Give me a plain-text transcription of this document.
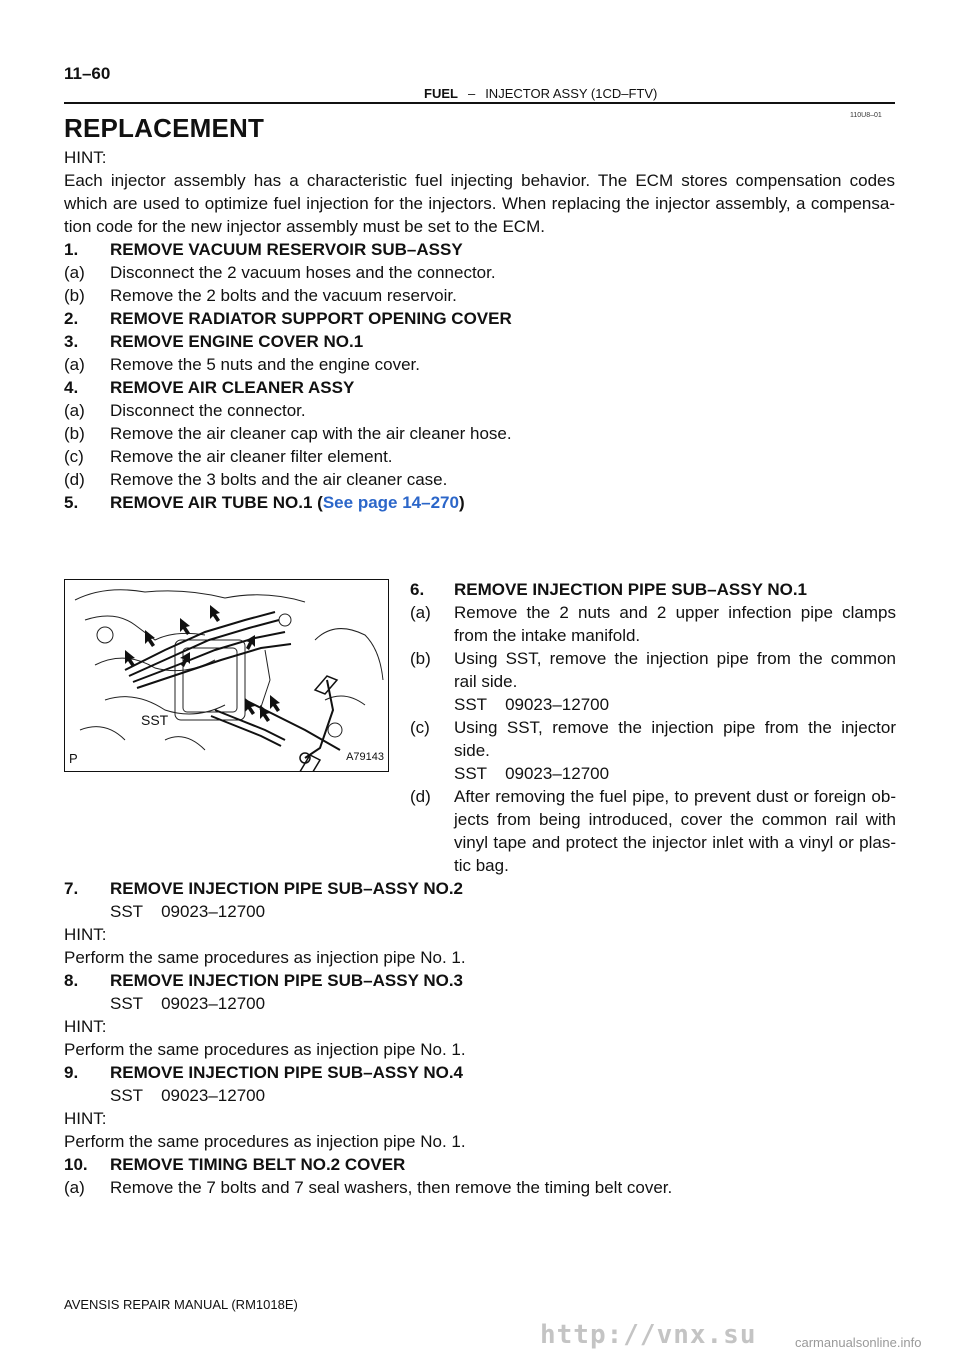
11–60
FUEL – INJECTOR ASSY (1CD–FTV)
110U8–01
REPLACEMENT
HINT:
Each injector assembly has a characteristic fuel injecting behavior. The ECM stores compensation codes
which are used to optimize fuel injection for the injectors. When replacing the injector assembly, a compensa-
tion code for the new injector assembly must be set to the ECM.
1. REMOVE VACUUM RESERVOIR SUB–ASSY
(a) Disconnect the 2 vacuum hoses and the connector.
(b) Remove the 2 bolts and the vacuum reservoir.
2. REMOVE RADIATOR SUPPORT OPENING COVER
3. REMOVE ENGINE COVER NO.1
(a) Remove the 5 nuts and the engine cover.
4. REMOVE AIR CLEANER ASSY
(a) Disconnect the connector.
(b) Remove the air cleaner cap with the air cleaner hose.
(c) Remove the air cleaner filter element.
(d) Remove the 3 bolts and the air cleaner case.
5. REMOVE AIR TUBE NO.1 (See page 14–270)
SST
P	A79143
6. REMOVE INJECTION PIPE SUB–ASSY NO.1
(a) Remove the 2 nuts and 2 upper infection pipe clamps
from the intake manifold.
(b) Using SST, remove the injection pipe from the common
rail side.
SST 09023–12700
(c) Using SST, remove the injection pipe from the injector
side.
SST 09023–12700
(d) After removing the fuel pipe, to prevent dust or foreign ob-
jects from being introduced, cover the common rail with
vinyl tape and protect the injector inlet with a vinyl or plas-
tic bag.
7. REMOVE INJECTION PIPE SUB–ASSY NO.2
SST 09023–12700
HINT:
Perform the same procedures as injection pipe No. 1.
8. REMOVE INJECTION PIPE SUB–ASSY NO.3
SST 09023–12700
HINT:
Perform the same procedures as injection pipe No. 1.
9. REMOVE INJECTION PIPE SUB–ASSY NO.4
SST 09023–12700
HINT:
Perform the same procedures as injection pipe No. 1.
10. REMOVE TIMING BELT NO.2 COVER
(a) Remove the 7 bolts and 7 seal washers, then remove the timing belt cover.
AVENSIS REPAIR MANUAL (RM1018E)
http://vnx.su	carmanualsonline.info
